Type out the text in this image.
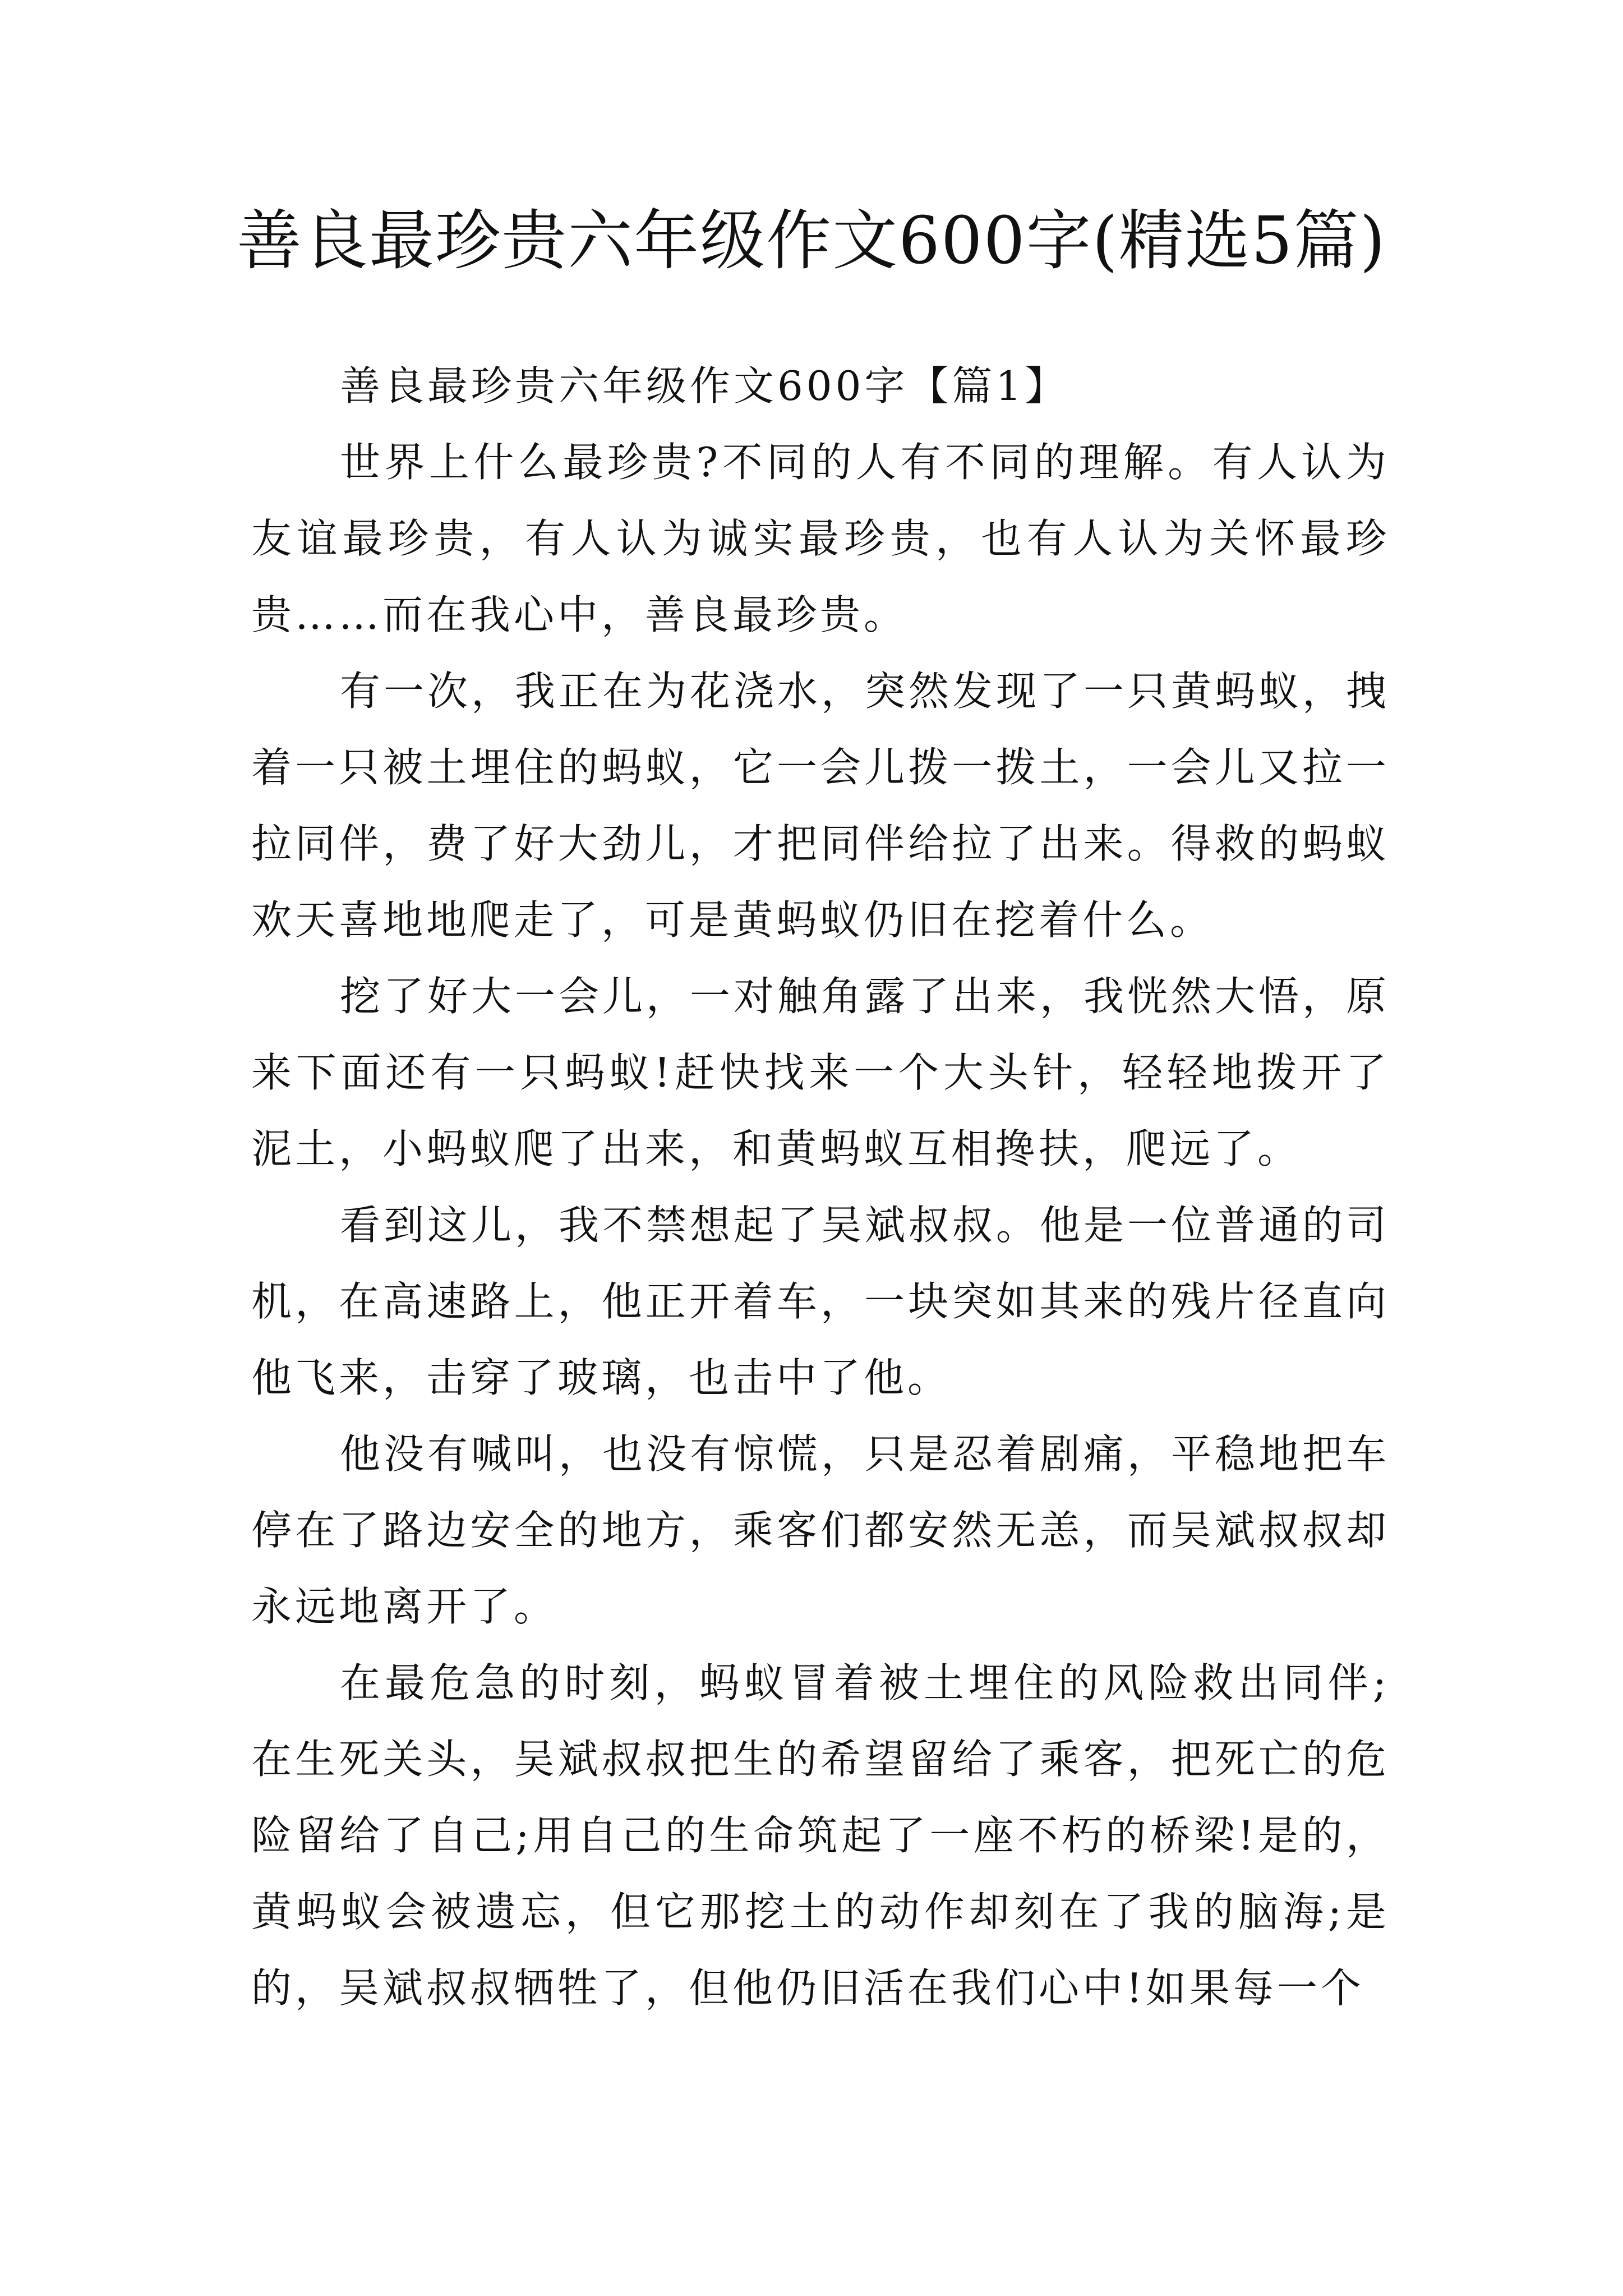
善良最珍贵六年级作文600字(精选5篇)
善良最珍贵六年级作文600字【篇1】

世界上什么最珍贵?不同的人有不同的理解。有人认为友谊最珍贵，有人认为诚实最珍贵，也有人认为关怀最珍贵……而在我心中，善良最珍贵。

有一次，我正在为花浇水，突然发现了一只黄蚂蚁，拽着一只被土埋住的蚂蚁，它一会儿拨一拨土，一会儿又拉一拉同伴，费了好大劲儿，才把同伴给拉了出来。得救的蚂蚁欢天喜地地爬走了，可是黄蚂蚁仍旧在挖着什么。

挖了好大一会儿，一对触角露了出来，我恍然大悟，原来下面还有一只蚂蚁!赶快找来一个大头针，轻轻地拨开了泥土，小蚂蚁爬了出来，和黄蚂蚁互相搀扶，爬远了。

看到这儿，我不禁想起了吴斌叔叔。他是一位普通的司机，在高速路上，他正开着车，一块突如其来的残片径直向他飞来，击穿了玻璃，也击中了他。

他没有喊叫，也没有惊慌，只是忍着剧痛，平稳地把车停在了路边安全的地方，乘客们都安然无恙，而吴斌叔叔却永远地离开了。

在最危急的时刻，蚂蚁冒着被土埋住的风险救出同伴;在生死关头，吴斌叔叔把生的希望留给了乘客，把死亡的危险留给了自己;用自己的生命筑起了一座不朽的桥梁!是的，黄蚂蚁会被遗忘，但它那挖土的动作却刻在了我的脑海;是的，吴斌叔叔牺牲了，但他仍旧活在我们心中!如果每一个
